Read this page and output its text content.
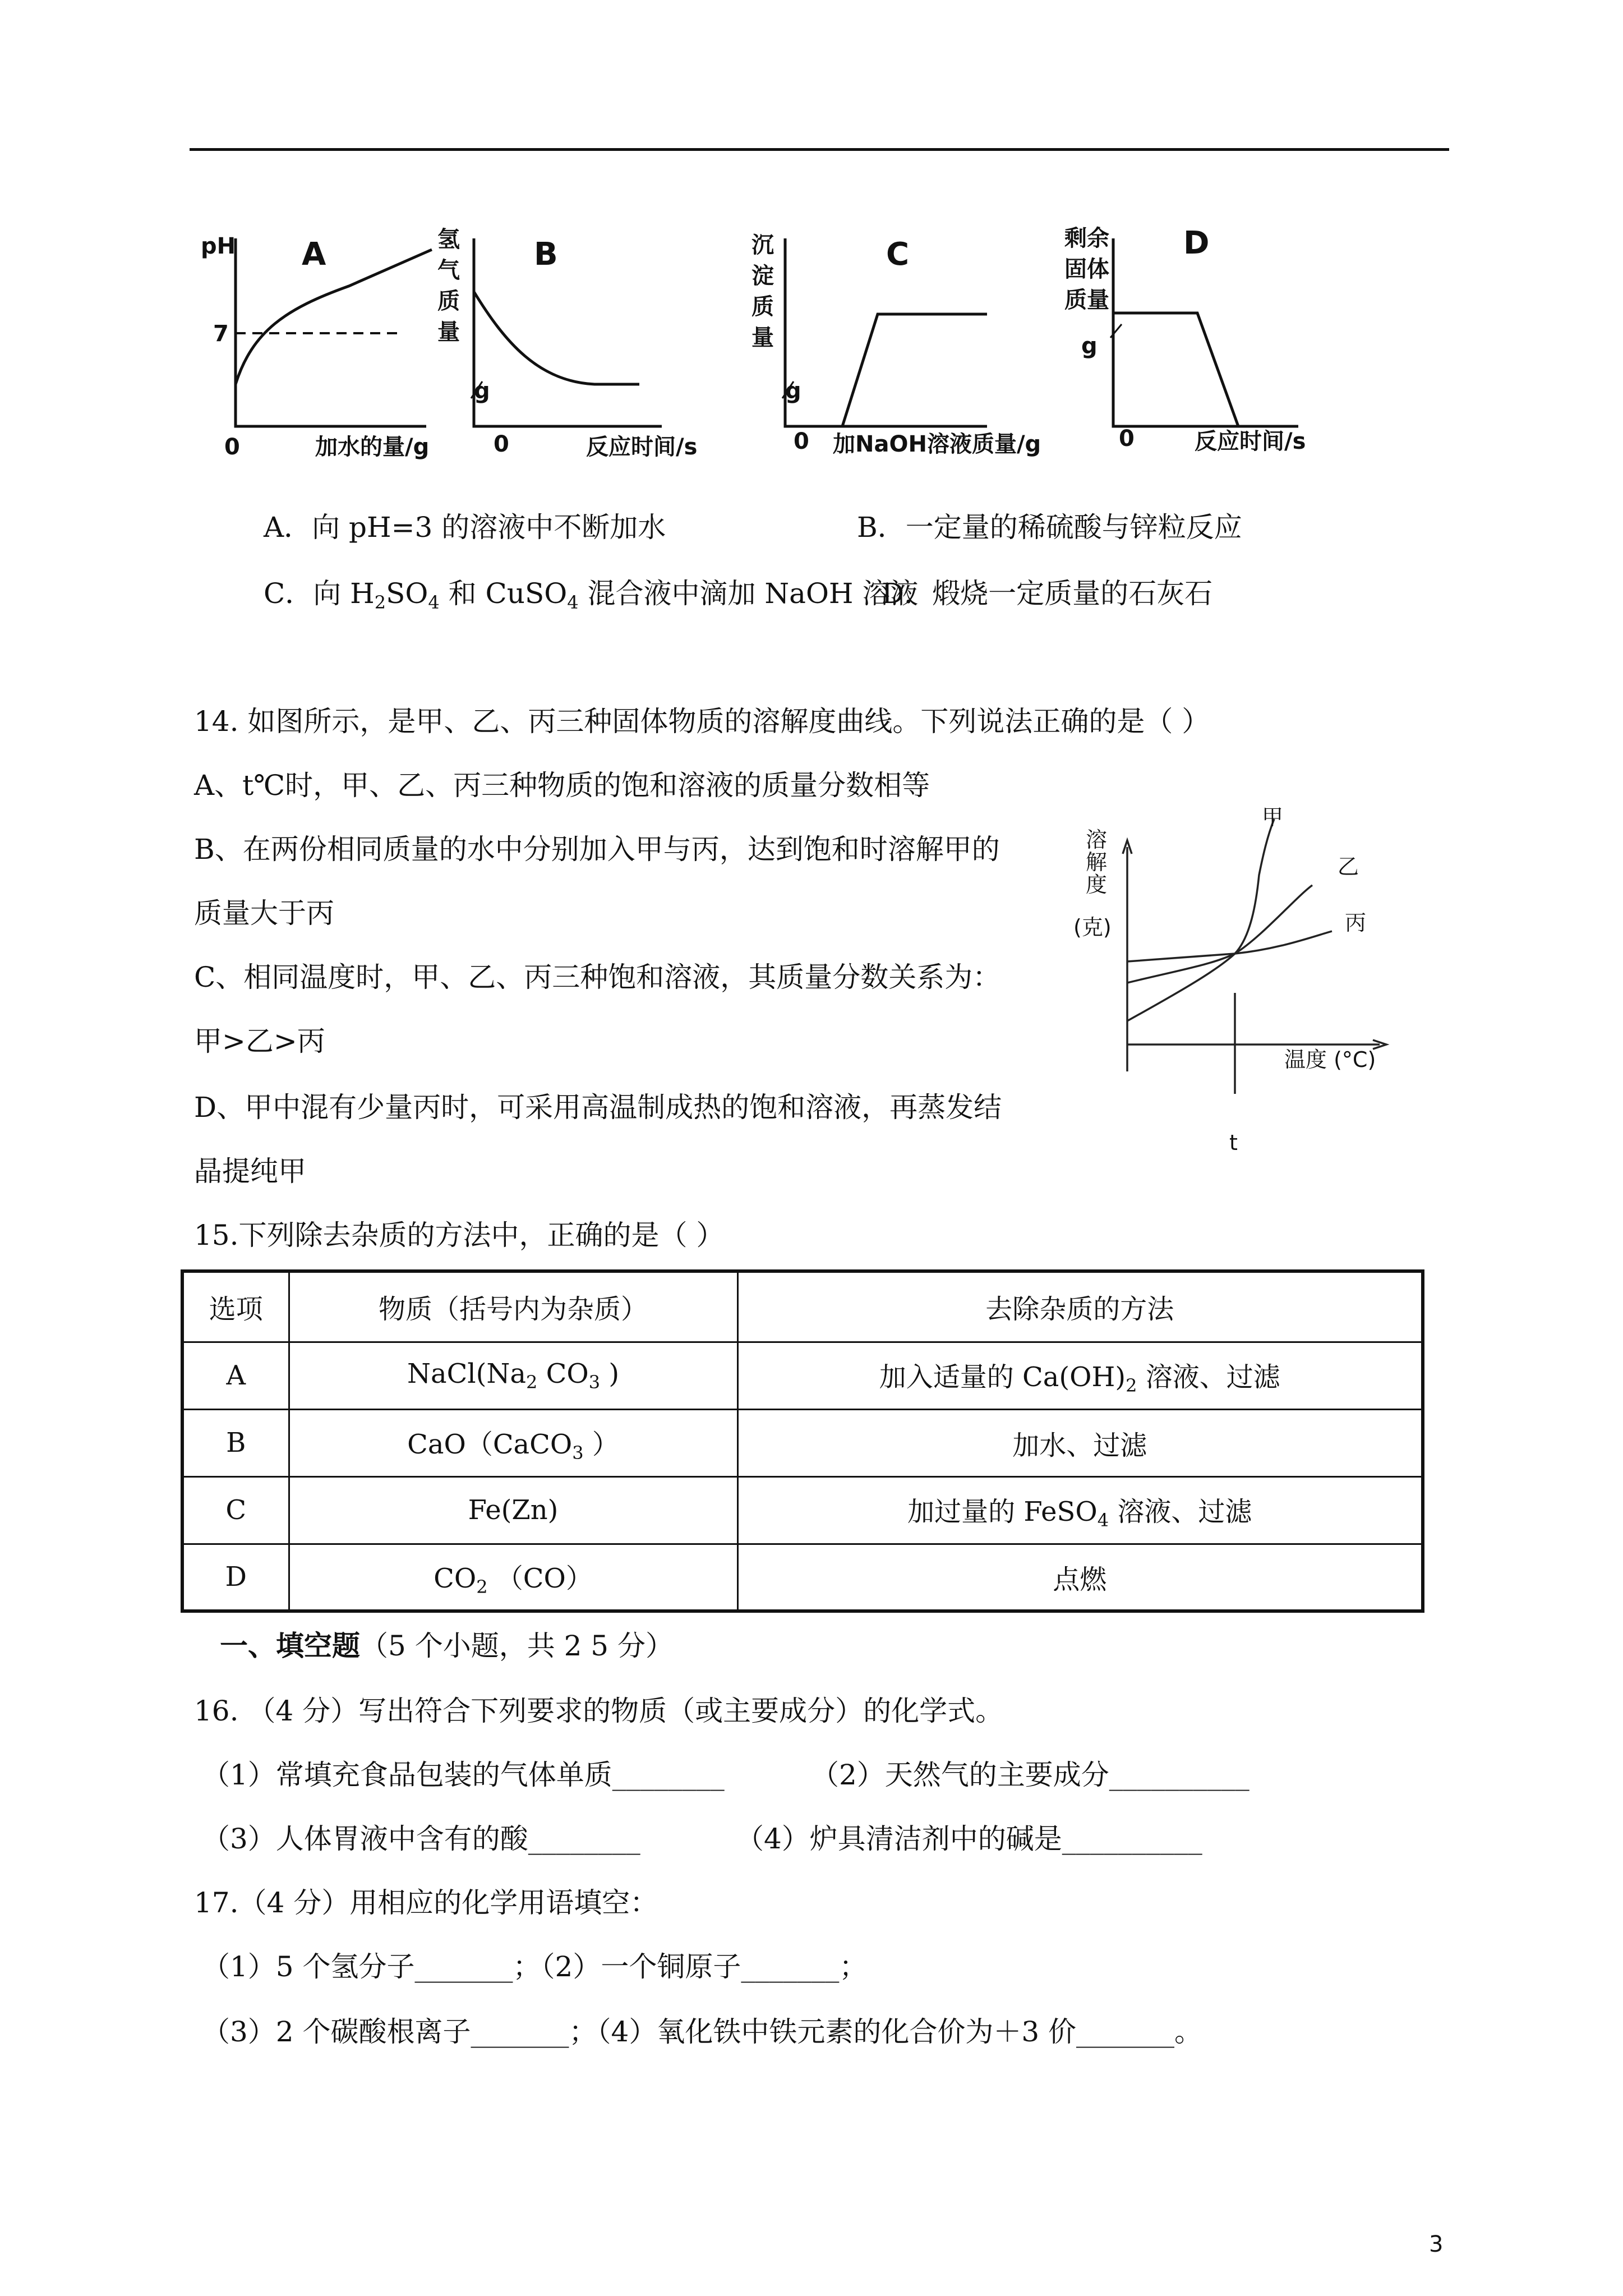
pH A
7
0	加水的量/g
氢
气
质
量
g
B
0	反应时间/s
沉
淀
质
量
g
C
0 加NaOH溶液质量/g
剩余
固体
质量
g
D
0	反应时间/s
A．向 pH=3 的溶液中不断加水	B．一定量的稀硫酸与锌粒反应
C．向 $H_2SO_4$ 和 CuSO$_4$ 混合液中滴加 NaOH 溶液
D．煅烧一定质量的石灰石
14. 如图所示，是甲、乙、丙三种固体物质的溶解度曲线。下列说法正确的是（ ）
A、t℃时，甲、乙、丙三种物质的饱和溶液的质量分数相等
B、在两份相同质量的水中分别加入甲与丙，达到饱和时溶解甲的
质量大于丙
C、相同温度时，甲、乙、丙三种饱和溶液，其质量分数关系为：
甲>乙>丙
D、甲中混有少量丙时，可采用高温制成热的饱和溶液，再蒸发结
晶提纯甲
溶
解
度
(克)
甲
乙
丙
温度 (°C)
t
15.下列除去杂质的方法中，正确的是（ ）
选项	物质（括号内为杂质）	去除杂质的方法
A	$NaCl(Na_2$ $CO_3$ )	加入适量的 $Ca(OH)_2$ 溶液、过滤
B	CaO（CaCO$_3$ ）	加水、过滤
C	Fe(Zn)	加过量的 FeSO$_4$ 溶液、过滤
D	$CO_2$ （CO）	点燃
一、填空题（5 个小题，共 2 5 分）
16. （4 分）写出符合下列要求的物质（或主要成分）的化学式。
（1）常填充食品包装的气体单质________	（2）天然气的主要成分__________
（3）人体胃液中含有的酸________	（4）炉具清洁剂中的碱是__________
17.（4 分）用相应的化学用语填空：
（1）5 个氢分子_______；（2）一个铜原子_______；
（3）2 个碳酸根离子_______；（4）氧化铁中铁元素的化合价为＋3 价_______。
3
